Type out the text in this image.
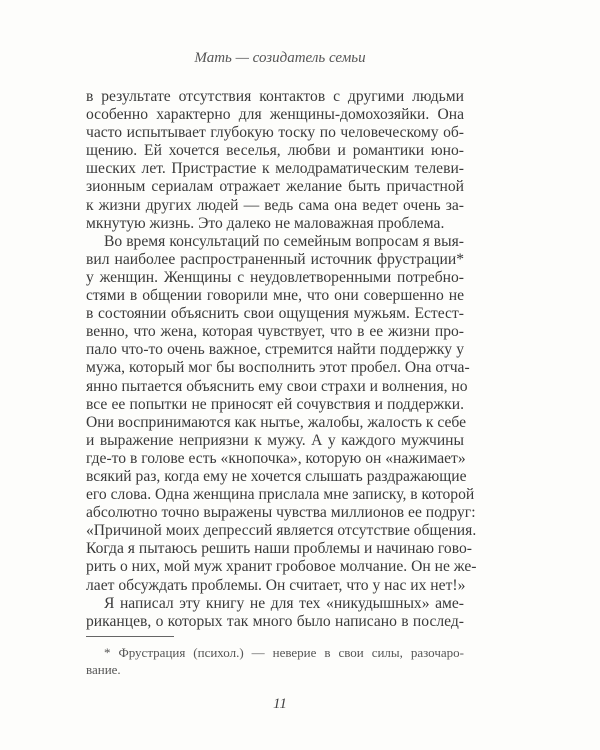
Мать — созидатель семьи
в результате отсутствия контактов с другими людьми
особенно характерно для женщины-домохозяйки. Она
часто испытывает глубокую тоску по человеческому об-
щению. Ей хочется веселья, любви и романтики юно-
шеских лет. Пристрастие к мелодраматическим телеви-
зионным сериалам отражает желание быть причастной
к жизни других людей — ведь сама она ведет очень за-
мкнутую жизнь. Это далеко не маловажная проблема.
Во время консультаций по семейным вопросам я выя-
вил наиболее распространенный источник фрустрации*
у женщин. Женщины с неудовлетворенными потребно-
стями в общении говорили мне, что они совершенно не
в состоянии объяснить свои ощущения мужьям. Естест-
венно, что жена, которая чувствует, что в ее жизни про-
пало что-то очень важное, стремится найти поддержку у
мужа, который мог бы восполнить этот пробел. Она отча-
янно пытается объяснить ему свои страхи и волнения, но
все ее попытки не приносят ей сочувствия и поддержки.
Они воспринимаются как нытье, жалобы, жалость к себе
и выражение неприязни к мужу. А у каждого мужчины
где-то в голове есть «кнопочка», которую он «нажимает»
всякий раз, когда ему не хочется слышать раздражающие
его слова. Одна женщина прислала мне записку, в которой
абсолютно точно выражены чувства миллионов ее подруг:
«Причиной моих депрессий является отсутствие общения.
Когда я пытаюсь решить наши проблемы и начинаю гово-
рить о них, мой муж хранит гробовое молчание. Он не же-
лает обсуждать проблемы. Он считает, что у нас их нет!»
Я написал эту книгу не для тех «никудышных» аме-
риканцев, о которых так много было написано в послед-
* Фрустрация (психол.) — неверие в свои силы, разочаро-
вание.
11
